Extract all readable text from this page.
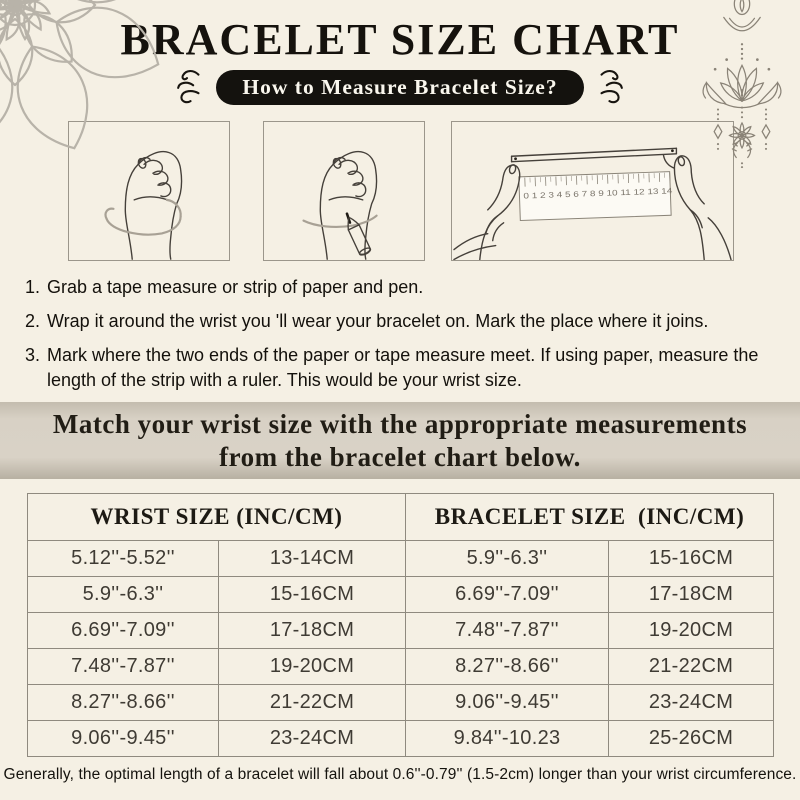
BRACELET SIZE CHART
How to Measure Bracelet Size?
0 1 2 3 4 5 6 7 8 9 10 11 12 13 14
1. Grab a tape measure or strip of paper and pen.
2. Wrap it around the wrist you 'll wear your bracelet on. Mark the place where it joins.
3. Mark where the two ends of the paper or tape measure meet. If using paper, measure the length of the strip with a ruler. This would be your wrist size.
Match your wrist size with the appropriate measurements
from the bracelet chart below.
WRIST SIZE (INC/CM)		BRACELET SIZE  (INC/CM)	
5.12''-5.52''	13-14CM	5.9''-6.3''	15-16CM
5.9''-6.3''	15-16CM	6.69''-7.09''	17-18CM
6.69''-7.09''	17-18CM	7.48''-7.87''	19-20CM
7.48''-7.87''	19-20CM	8.27''-8.66''	21-22CM
8.27''-8.66''	21-22CM	9.06''-9.45''	23-24CM
9.06''-9.45''	23-24CM	9.84''-10.23	25-26CM
Generally, the optimal length of a bracelet will fall about 0.6''-0.79'' (1.5-2cm) longer than your wrist circumference.
